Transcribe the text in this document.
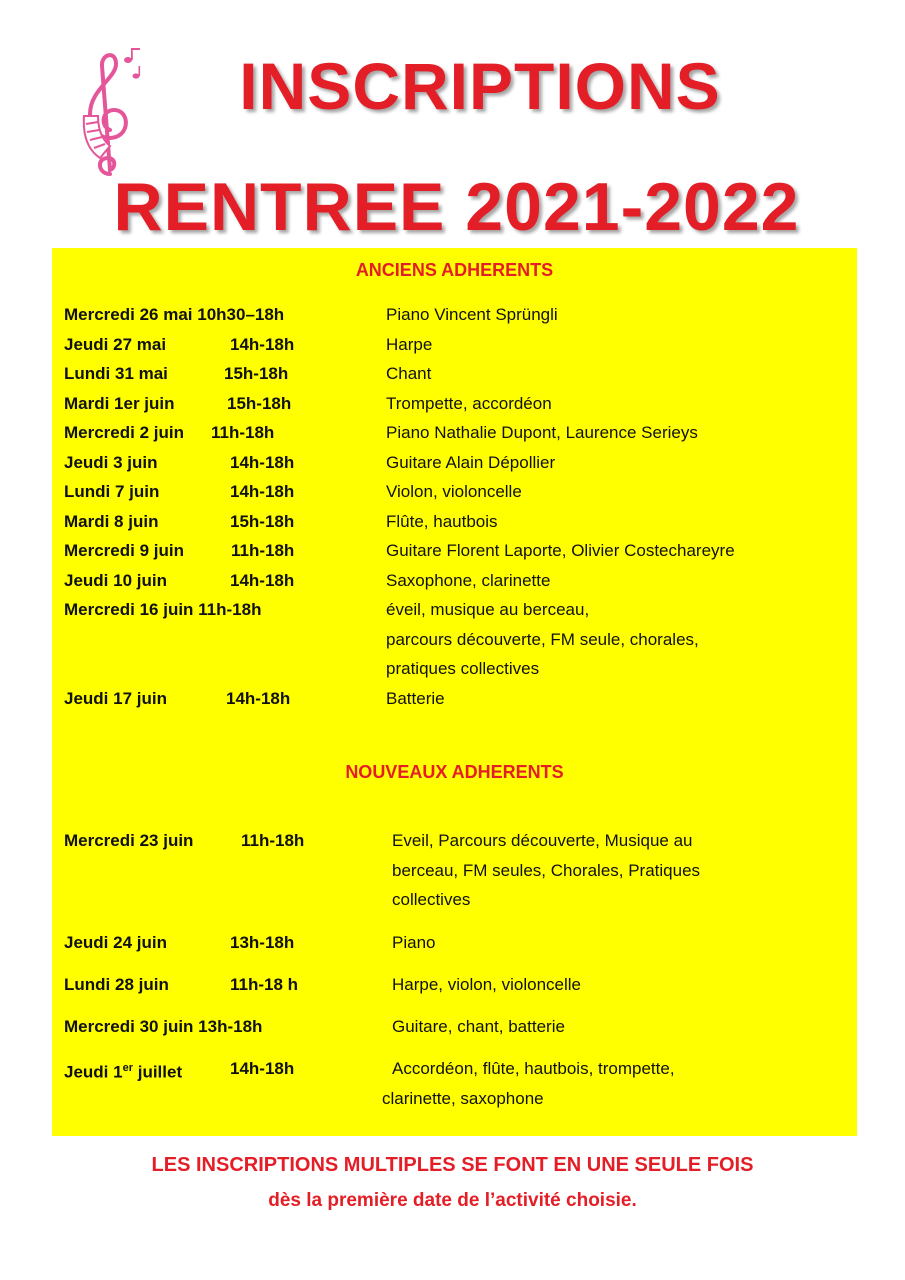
INSCRIPTIONS
RENTREE 2021-2022
ANCIENS ADHERENTS
Mercredi 26 mai 10h30–18h	Piano Vincent Sprüngli
Jeudi 27 mai	14h-18h	Harpe
Lundi 31 mai	15h-18h	Chant
Mardi 1er juin	15h-18h	Trompette, accordéon
Mercredi 2 juin 11h-18h	Piano Nathalie Dupont, Laurence Serieys
Jeudi 3 juin	14h-18h	Guitare Alain Dépollier
Lundi 7 juin	14h-18h	Violon, violoncelle
Mardi 8 juin	15h-18h	Flûte, hautbois
Mercredi 9 juin	11h-18h	Guitare Florent Laporte, Olivier Costechareyre
Jeudi 10 juin	14h-18h	Saxophone, clarinette
Mercredi 16 juin 11h-18h	éveil, musique au berceau,
parcours découverte, FM seule, chorales,
pratiques collectives
Jeudi 17 juin	14h-18h	Batterie
NOUVEAUX ADHERENTS
Mercredi 23 juin	11h-18h	Eveil, Parcours découverte, Musique au
berceau, FM seules, Chorales, Pratiques
collectives
Jeudi 24 juin	13h-18h	Piano
Lundi 28 juin	11h-18 h	Harpe, violon, violoncelle
Mercredi 30 juin 13h-18h	Guitare, chant, batterie
Jeudi 1er juillet	14h-18h	Accordéon, flûte, hautbois, trompette,
clarinette, saxophone
LES INSCRIPTIONS MULTIPLES SE FONT EN UNE SEULE FOIS
dès la première date de l’activité choisie.
